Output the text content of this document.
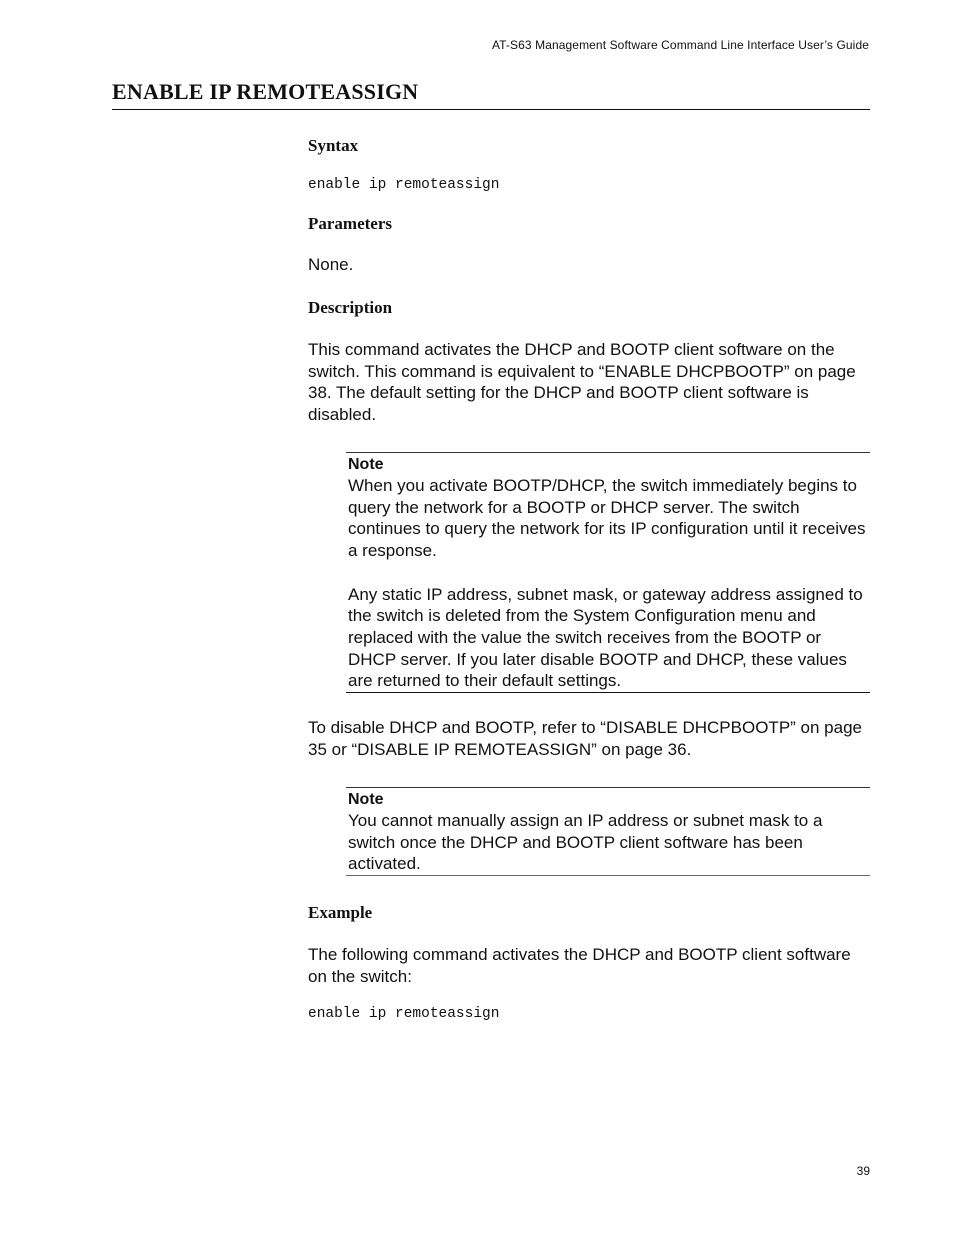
AT-S63 Management Software Command Line Interface User’s Guide
ENABLE IP REMOTEASSIGN
Syntax
enable ip remoteassign
Parameters

None.

Description

This command activates the DHCP and BOOTP client software on the switch. This command is equivalent to “ENABLE DHCPBOOTP” on page 38. The default setting for the DHCP and BOOTP client software is disabled.

Note

When you activate BOOTP/DHCP, the switch immediately begins to query the network for a BOOTP or DHCP server. The switch continues to query the network for its IP configuration until it receives a response.

Any static IP address, subnet mask, or gateway address assigned to the switch is deleted from the System Configuration menu and replaced with the value the switch receives from the BOOTP or DHCP server. If you later disable BOOTP and DHCP, these values are returned to their default settings.

To disable DHCP and BOOTP, refer to “DISABLE DHCPBOOTP” on page 35 or “DISABLE IP REMOTEASSIGN” on page 36.

Note

You cannot manually assign an IP address or subnet mask to a switch once the DHCP and BOOTP client software has been activated.

Example

The following command activates the DHCP and BOOTP client software on the switch:

enable ip remoteassign
39
